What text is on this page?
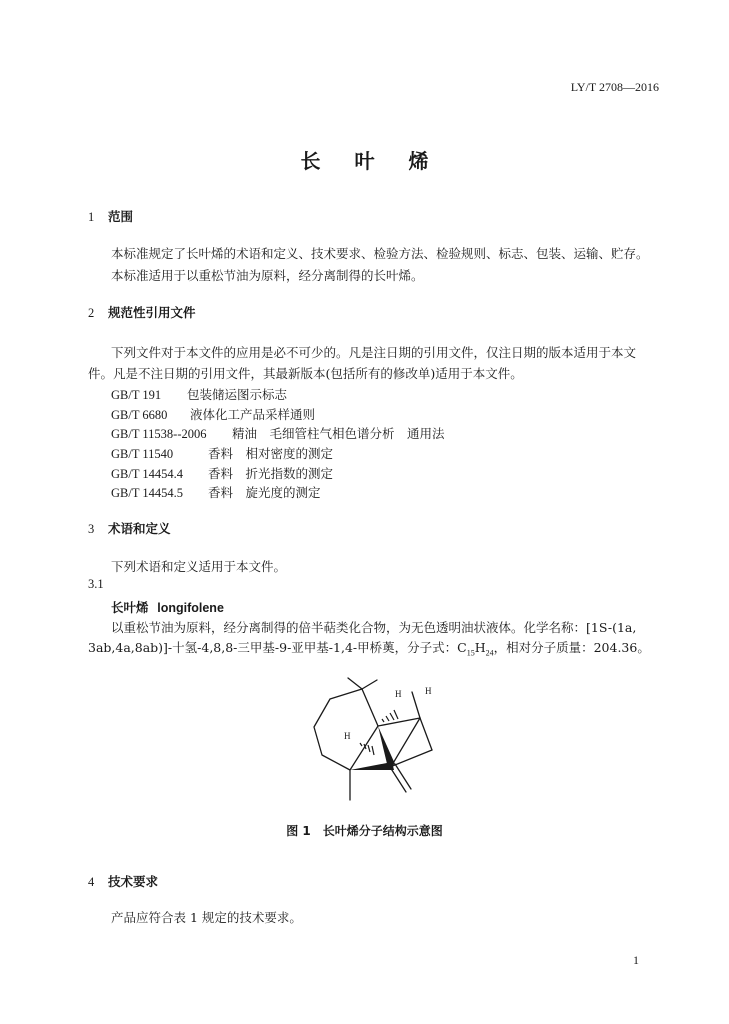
LY/T 2708—2016
长叶烯
1 范围
本标准规定了长叶烯的术语和定义、技术要求、检验方法、检验规则、标志、包装、运输、贮存。
本标准适用于以重松节油为原料，经分离制得的长叶烯。
2 规范性引用文件
下列文件对于本文件的应用是必不可少的。凡是注日期的引用文件，仅注日期的版本适用于本文
件。凡是不注日期的引用文件，其最新版本(包括所有的修改单)适用于本文件。
GB/T 191 包装储运图示标志
GB/T 6680 液体化工产品采样通则
GB/T 11538--2006 精油　毛细管柱气相色谱分析　通用法
GB/T 11540	香料　相对密度的测定
GB/T 14454.4 香料　折光指数的测定
GB/T 14454.5 香料　旋光度的测定
3 术语和定义
下列术语和定义适用于本文件。
3.1
长叶烯 longifolene
以重松节油为原料，经分离制得的倍半萜类化合物，为无色透明油状液体。化学名称：[1S-(1a,
3ab,4a,8ab)]-十氢-4,8,8-三甲基-9-亚甲基-1,4-甲桥薁，分子式：$C_{15}H_{24}$，相对分子质量：204.36。
H	H
H
图 1　长叶烯分子结构示意图
4 技术要求
产品应符合表 1 规定的技术要求。
1
